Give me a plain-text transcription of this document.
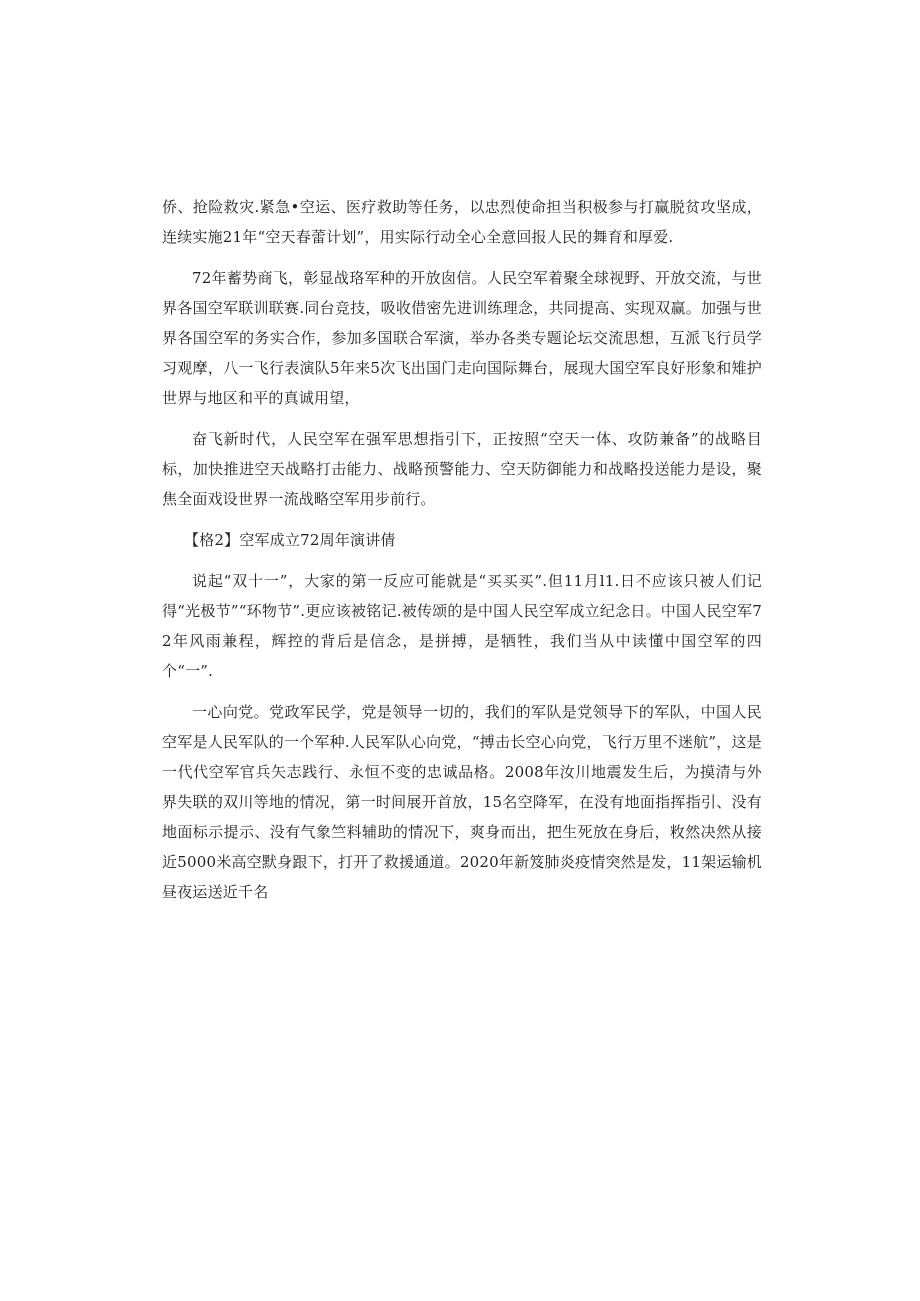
侨、抢险救灾.紧急•空运、医疗救助等任务，以忠烈使命担当积极参与打赢脱贫攻坚成，连续实施21年“空天春蕾计划”，用实际行动全心全意回报人民的舞育和厚爱.

72年蓄势商飞，彰显战珞军种的开放囱信。人民空军着聚全球视野、开放交流，与世界各国空军联训联赛.同台竞技，吸收借密先进训练理念，共同提高、实现双赢。加强与世界各国空军的务实合作，参加多国联合军演，举办各类专题论坛交流思想，互派飞行员学习观摩，八一飞行表演队5年来5次飞出国门走向国际舞台，展现大国空军良好形象和雉护世界与地区和平的真诚用望，

奋飞新时代，人民空军在强军思想指引下，正按照“空天一体、攻防兼备”的战略目标，加快推进空天战略打击能力、战略预警能力、空天防御能力和战略投送能力是设，聚焦全面戏设世界一流战略空军用步前行。

【格2】空军成立72周年演讲倩

说起“双十一”，大家的第一反应可能就是“买买买”.但11月l1.日不应该只被人们记得“光极节”“环物节”.更应该被铭记.被传颂的是中国人民空军成立纪念日。中国人民空军72年风雨兼程，辉控的背后是信念，是拼搏，是牺牲，我们当从中读懂中国空军的四个“一”.

一心向党。党政军民学，党是领导一切的，我们的军队是党领导下的军队，中国人民空军是人民军队的一个军种.人民军队心向党，“搏击长空心向党，飞行万里不迷航”，这是一代代空军官兵矢志践行、永恒不变的忠诚品格。2008年汝川地震发生后，为摸清与外界失联的双川等地的情况，第一时间展开首放，15名空降军，在没有地面指挥指引、没有地面标示提示、没有气象竺料辅助的情况下，爽身而出，把生死放在身后，敉然决然从接近5000米高空默身跟下，打开了救援通道。2020年新笈肺炎疫情突然是发，11架运输机昼夜运送近千名
